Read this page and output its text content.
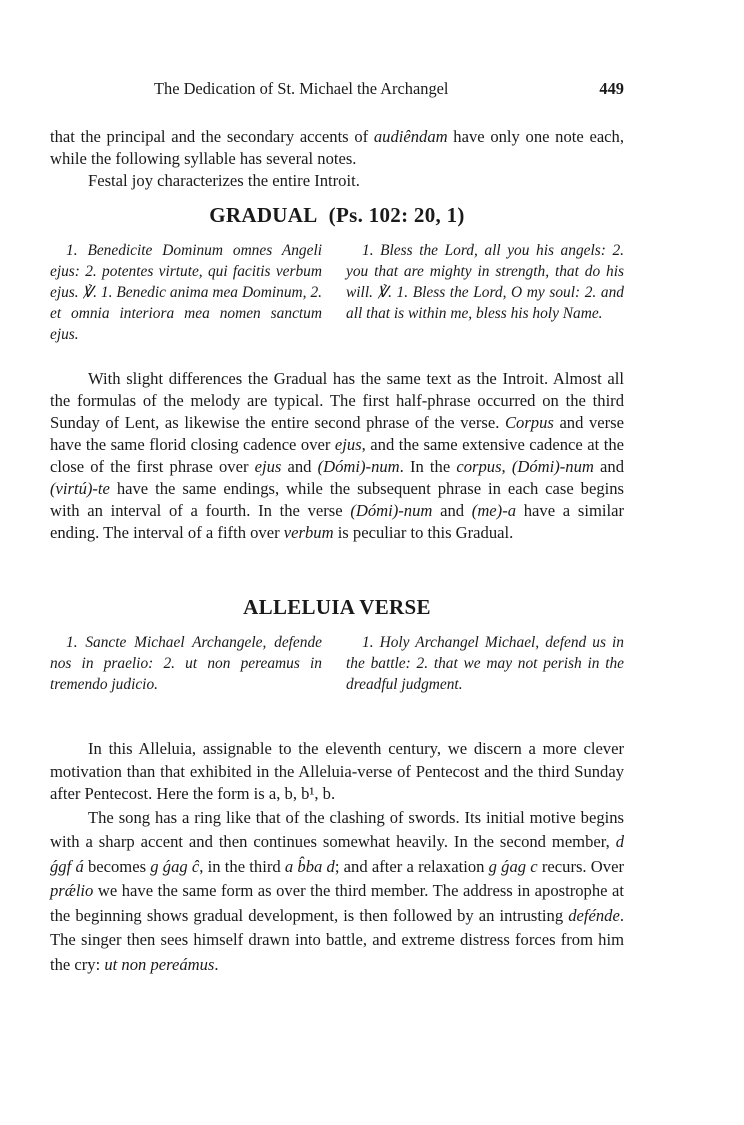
The Dedication of St. Michael the Archangel	449

that the principal and the secondary accents of audiêndam have only one note each, while the following syllable has several notes.

Festal joy characterizes the entire Introit.

GRADUAL (Ps. 102: 20, 1)

1. Benedicite Dominum omnes Angeli ejus: 2. potentes virtute, qui facitis verbum ejus. ℣. 1. Benedic anima mea Dominum, 2. et omnia interiora mea nomen sanctum ejus.

1. Bless the Lord, all you his angels: 2. you that are mighty in strength, that do his will. ℣. 1. Bless the Lord, O my soul: 2. and all that is within me, bless his holy Name.

With slight differences the Gradual has the same text as the Introit. Almost all the formulas of the melody are typical. The first half-phrase occurred on the third Sunday of Lent, as likewise the entire second phrase of the verse. Corpus and verse have the same florid closing cadence over ejus, and the same extensive cadence at the close of the first phrase over ejus and (Dómi)-num. In the corpus, (Dómi)-num and (virtú)-te have the same endings, while the subsequent phrase in each case begins with an interval of a fourth. In the verse (Dómi)-num and (me)-a have a similar ending. The interval of a fifth over verbum is peculiar to this Gradual.

ALLELUIA VERSE

1. Sancte Michael Archangele, defende nos in praelio: 2. ut non pereamus in tremendo judicio.

1. Holy Archangel Michael, defend us in the battle: 2. that we may not perish in the dreadful judgment.

In this Alleluia, assignable to the eleventh century, we discern a more clever motivation than that exhibited in the Alleluia-verse of Pentecost and the third Sunday after Pentecost. Here the form is a, b, b¹, b.

The song has a ring like that of the clashing of swords. Its initial motive begins with a sharp accent and then continues somewhat heavily. In the second member, d ǵgf á becomes g ǵag ĉ, in the third a b̂ba d; and after a relaxation g ǵag c recurs. Over prǽlio we have the same form as over the third member. The address in apostrophe at the beginning shows gradual development, is then followed by an intrusting defénde. The singer then sees himself drawn into battle, and extreme distress forces from him the cry: ut non pereámus.
